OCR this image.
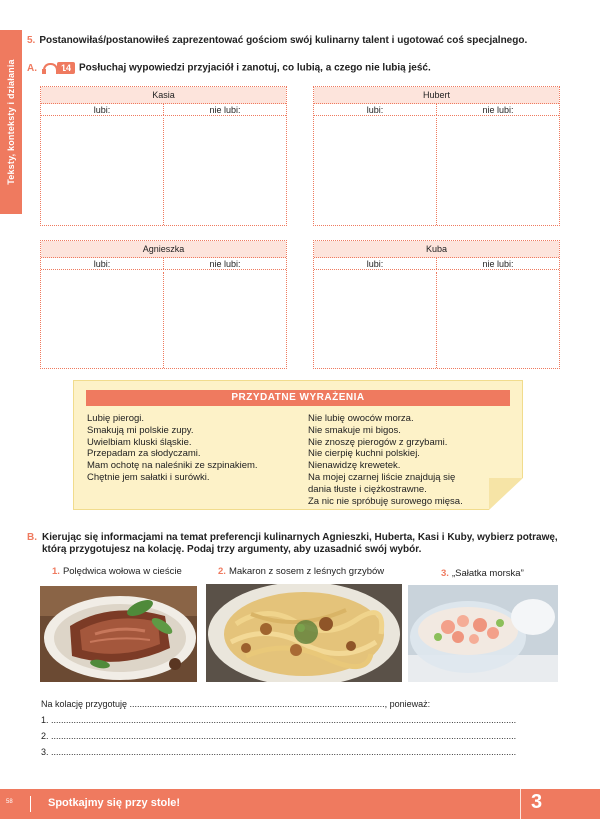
Teksty, konteksty i działania
5. Postanowiłaś/postanowiłeś zaprezentować gościom swój kulinarny talent i ugotować coś specjalnego.
A.	14 Posłuchaj wypowiedzi przyjaciół i zanotuj, co lubią, a czego nie lubią jeść.
Kasia
lubi:	nie lubi:
Hubert
lubi:	nie lubi:
Agnieszka
lubi:	nie lubi:
Kuba
lubi:	nie lubi:
PRZYDATNE WYRAŻENIA
Lubię pierogi.
Smakują mi polskie zupy.
Uwielbiam kluski śląskie.
Przepadam za słodyczami.
Mam ochotę na naleśniki ze szpinakiem.
Chętnie jem sałatki i surówki.
Nie lubię owoców morza.
Nie smakuje mi bigos.
Nie znoszę pierogów z grzybami.
Nie cierpię kuchni polskiej.
Nienawidzę krewetek.
Na mojej czarnej liście znajdują się
dania tłuste i ciężkostrawne.
Za nic nie spróbuję surowego mięsa.
B. Kierując się informacjami na temat preferencji kulinarnych Agnieszki, Huberta, Kasi i Kuby, wybierz potrawę,
którą przygotujesz na kolację. Podaj trzy argumenty, aby uzasadnić swój wybór.
1. Polędwica wołowa w cieście	2. Makaron z sosem z leśnych grzybów	3. „Sałatka morska”
Na kolację przygotuję ......................................................................................................, ponieważ:
1. ..........................................................................................................................................................................................
2. ..........................................................................................................................................................................................
3. ..........................................................................................................................................................................................
58	Spotkajmy się przy stole!	3
